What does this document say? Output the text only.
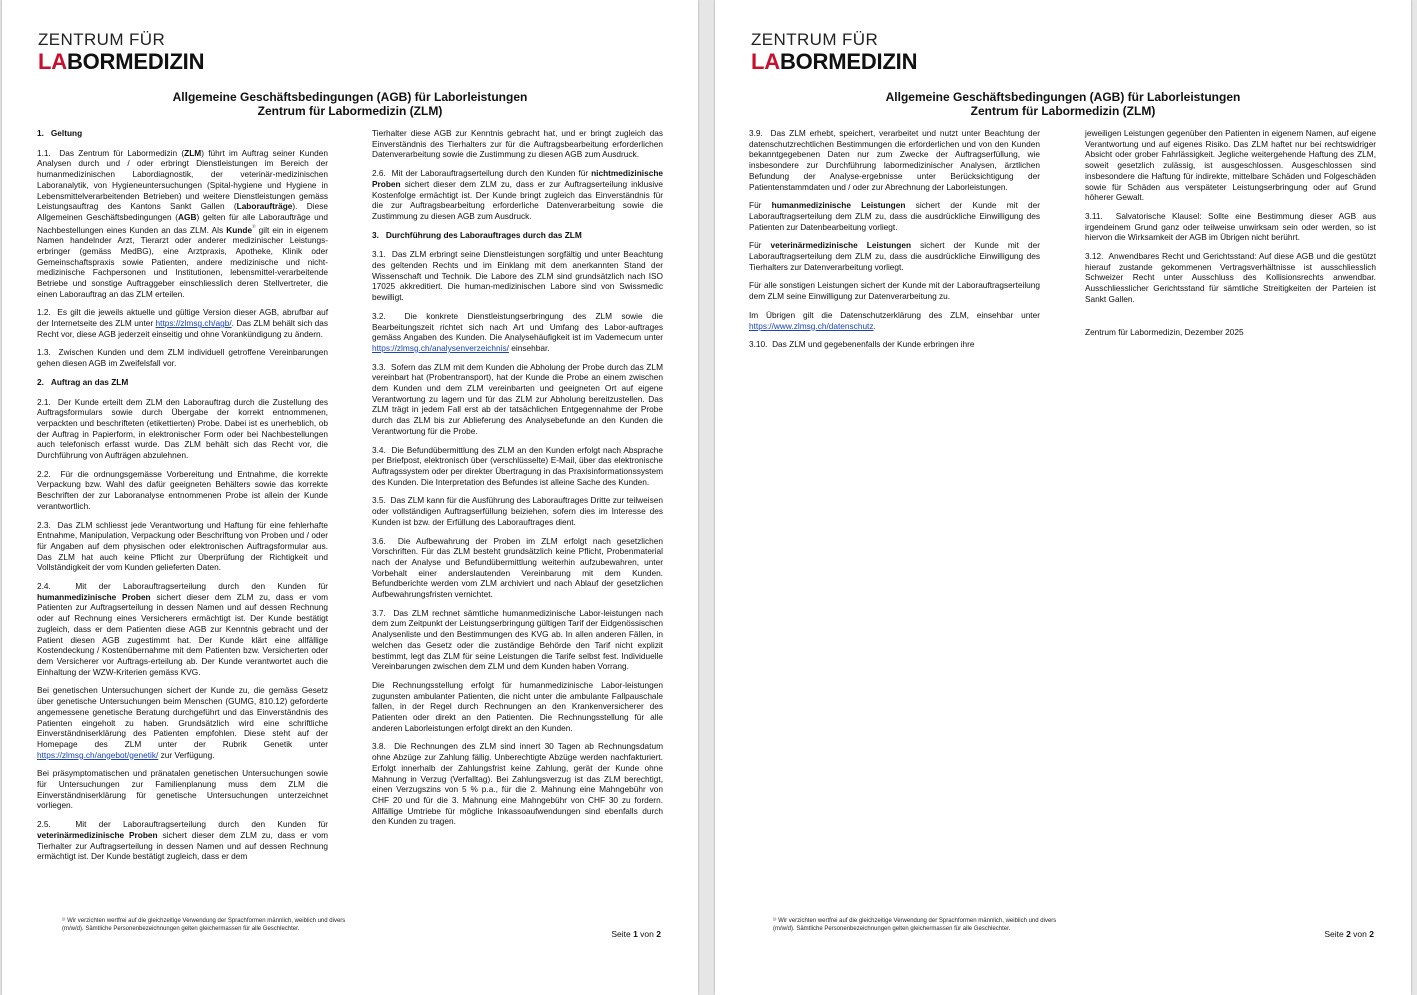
ZENTRUM FÜR
LABORMEDIZIN
Allgemeine Geschäftsbedingungen (AGB) für Laborleistungen
Zentrum für Labormedizin (ZLM)
1.   Geltung

1.1.  Das Zentrum für Labormedizin (ZLM) führt im Auftrag seiner Kunden Analysen durch und / oder erbringt Dienstleistungen im Bereich der humanmedizinischen Labordiagnostik, der veterinär-medizinischen Laboranalytik, von Hygieneuntersuchungen (Spital-hygiene und Hygiene in Lebensmittelverarbeitenden Betrieben) und weitere Dienstleistungen gemäss Leistungsauftrag des Kantons Sankt Gallen (Laboraufträge). Diese Allgemeinen Geschäftsbedingungen (AGB) gelten für alle Laboraufträge und Nachbestellungen eines Kunden an das ZLM. Als Kunde$^{^{1)}}$ gilt ein in eigenem Namen handelnder Arzt, Tierarzt oder anderer medizinischer Leistungs-erbringer (gemäss MedBG), eine Arztpraxis, Apotheke, Klinik oder Gemeinschaftspraxis sowie Patienten, andere medizinische und nicht-medizinische Fachpersonen und Institutionen, lebensmittel-verarbeitende Betriebe und sonstige Auftraggeber einschliesslich deren Stellvertreter, die einen Laborauftrag an das ZLM erteilen.

1.2.  Es gilt die jeweils aktuelle und gültige Version dieser AGB, abrufbar auf der Internetseite des ZLM unter https://zlmsg.ch/agb/. Das ZLM behält sich das Recht vor, diese AGB jederzeit einseitig und ohne Vorankündigung zu ändern.

1.3.  Zwischen Kunden und dem ZLM individuell getroffene Vereinbarungen gehen diesen AGB im Zweifelsfall vor.

2.   Auftrag an das ZLM

2.1.  Der Kunde erteilt dem ZLM den Laborauftrag durch die Zustellung des Auftragsformulars sowie durch Übergabe der korrekt entnommenen, verpackten und beschrifteten (etikettierten) Probe. Dabei ist es unerheblich, ob der Auftrag in Papierform, in elektronischer Form oder bei Nachbestellungen auch telefonisch erfasst wurde. Das ZLM behält sich das Recht vor, die Durchführung von Aufträgen abzulehnen.

2.2.  Für die ordnungsgemässe Vorbereitung und Entnahme, die korrekte Verpackung bzw. Wahl des dafür geeigneten Behälters sowie das korrekte Beschriften der zur Laboranalyse entnommenen Probe ist allein der Kunde verantwortlich.

2.3.  Das ZLM schliesst jede Verantwortung und Haftung für eine fehlerhafte Entnahme, Manipulation, Verpackung oder Beschriftung von Proben und / oder für Angaben auf dem physischen oder elektronischen Auftragsformular aus. Das ZLM hat auch keine Pflicht zur Überprüfung der Richtigkeit und Vollständigkeit der vom Kunden gelieferten Daten.

2.4.  Mit der Laborauftragserteilung durch den Kunden für humanmedizinische Proben sichert dieser dem ZLM zu, dass er vom Patienten zur Auftragserteilung in dessen Namen und auf dessen Rechnung oder auf Rechnung eines Versicherers ermächtigt ist. Der Kunde bestätigt zugleich, dass er dem Patienten diese AGB zur Kenntnis gebracht und der Patient diesen AGB zugestimmt hat. Der Kunde klärt eine allfällige Kostendeckung / Kostenübernahme mit dem Patienten bzw. Versicherten oder dem Versicherer vor Auftrags-erteilung ab. Der Kunde verantwortet auch die Einhaltung der WZW-Kriterien gemäss KVG.

Bei genetischen Untersuchungen sichert der Kunde zu, die gemäss Gesetz über genetische Untersuchungen beim Menschen (GUMG, 810.12) geforderte angemessene genetische Beratung durchgeführt und das Einverständnis des Patienten eingeholt zu haben. Grundsätzlich wird eine schriftliche Einverständniserklärung des Patienten empfohlen. Diese steht auf der Homepage des ZLM unter der Rubrik Genetik unter https://zlmsg.ch/angebot/genetik/ zur Verfügung.

Bei präsymptomatischen und pränatalen genetischen Untersuchungen sowie für Untersuchungen zur Familienplanung muss dem ZLM die Einverständniserklärung für genetische Untersuchungen unterzeichnet vorliegen.

2.5.  Mit der Laborauftragserteilung durch den Kunden für veterinärmedizinische Proben sichert dieser dem ZLM zu, dass er vom Tierhalter zur Auftragserteilung in dessen Namen und auf dessen Rechnung ermächtigt ist. Der Kunde bestätigt zugleich, dass er dem

Tierhalter diese AGB zur Kenntnis gebracht hat, und er bringt zugleich das Einverständnis des Tierhalters zur für die Auftragsbearbeitung erforderlichen Datenverarbeitung sowie die Zustimmung zu diesen AGB zum Ausdruck.

2.6.  Mit der Laborauftragserteilung durch den Kunden für nichtmedizinische Proben sichert dieser dem ZLM zu, dass er zur Auftragserteilung inklusive Kostenfolge ermächtigt ist. Der Kunde bringt zugleich das Einverständnis für die zur Auftragsbearbeitung erforderliche Datenverarbeitung sowie die Zustimmung zu diesen AGB zum Ausdruck.

3.   Durchführung des Laborauftrages durch das ZLM

3.1.  Das ZLM erbringt seine Dienstleistungen sorgfältig und unter Beachtung des geltenden Rechts und im Einklang mit dem anerkannten Stand der Wissenschaft und Technik. Die Labore des ZLM sind grundsätzlich nach ISO 17025 akkreditiert. Die human-medizinischen Labore sind von Swissmedic bewilligt.

3.2.  Die konkrete Dienstleistungserbringung des ZLM sowie die Bearbeitungszeit richtet sich nach Art und Umfang des Labor-auftrages gemäss Angaben des Kunden. Die Analysehäufigkeit ist im Vademecum unter https://zlmsg.ch/analysenverzeichnis/ einsehbar.

3.3.  Sofern das ZLM mit dem Kunden die Abholung der Probe durch das ZLM vereinbart hat (Probentransport), hat der Kunde die Probe an einem zwischen dem Kunden und dem ZLM vereinbarten und geeigneten Ort auf eigene Verantwortung zu lagern und für das ZLM zur Abholung bereitzustellen. Das ZLM trägt in jedem Fall erst ab der tatsächlichen Entgegennahme der Probe durch das ZLM bis zur Ablieferung des Analysebefunde an den Kunden die Verantwortung für die Probe.

3.4.  Die Befundübermittlung des ZLM an den Kunden erfolgt nach Absprache per Briefpost, elektronisch über (verschlüsselte) E-Mail, über das elektronische Auftragssystem oder per direkter Übertragung in das Praxisinformationssystem des Kunden. Die Interpretation des Befundes ist alleine Sache des Kunden.

3.5.  Das ZLM kann für die Ausführung des Laborauftrages Dritte zur teilweisen oder vollständigen Auftragserfüllung beiziehen, sofern dies im Interesse des Kunden ist bzw. der Erfüllung des Laborauftrages dient.

3.6.  Die Aufbewahrung der Proben im ZLM erfolgt nach gesetzlichen Vorschriften. Für das ZLM besteht grundsätzlich keine Pflicht, Probenmaterial nach der Analyse und Befundübermittlung weiterhin aufzubewahren, unter Vorbehalt einer anderslautenden Vereinbarung mit dem Kunden. Befundberichte werden vom ZLM archiviert und nach Ablauf der gesetzlichen Aufbewahrungsfristen vernichtet.

3.7.  Das ZLM rechnet sämtliche humanmedizinische Labor-leistungen nach dem zum Zeitpunkt der Leistungserbringung gültigen Tarif der Eidgenössischen Analysenliste und den Bestimmungen des KVG ab. In allen anderen Fällen, in welchen das Gesetz oder die zuständige Behörde den Tarif nicht explizit bestimmt, legt das ZLM für seine Leistungen die Tarife selbst fest. Individuelle Vereinbarungen zwischen dem ZLM und dem Kunden haben Vorrang.

Die Rechnungsstellung erfolgt für humanmedizinische Labor-leistungen zugunsten ambulanter Patienten, die nicht unter die ambulante Fallpauschale fallen, in der Regel durch Rechnungen an den Krankenversicherer des Patienten oder direkt an den Patienten. Die Rechnungsstellung für alle anderen Laborleistungen erfolgt direkt an den Kunden.

3.8.  Die Rechnungen des ZLM sind innert 30 Tagen ab Rechnungsdatum ohne Abzüge zur Zahlung fällig. Unberechtigte Abzüge werden nachfakturiert. Erfolgt innerhalb der Zahlungsfrist keine Zahlung, gerät der Kunde ohne Mahnung in Verzug (Verfalltag). Bei Zahlungsverzug ist das ZLM berechtigt, einen Verzugszins von 5 % p.a., für die 2. Mahnung eine Mahngebühr von CHF 20 und für die 3. Mahnung eine Mahngebühr von CHF 30 zu fordern. Allfällige Umtriebe für mögliche Inkassoaufwendungen sind ebenfalls durch den Kunden zu tragen.

¹⁾ Wir verzichten wertfrei auf die gleichzeitige Verwendung der Sprachformen männlich, weiblich und divers (m/w/d). Sämtliche Personenbezeichnungen gelten gleichermassen für alle Geschlechter.
Seite 1 von 2
ZENTRUM FÜR
LABORMEDIZIN
Allgemeine Geschäftsbedingungen (AGB) für Laborleistungen
Zentrum für Labormedizin (ZLM)

3.9.  Das ZLM erhebt, speichert, verarbeitet und nutzt unter Beachtung der datenschutzrechtlichen Bestimmungen die erforderlichen und von den Kunden bekanntgegebenen Daten nur zum Zwecke der Auftragserfüllung, wie insbesondere zur Durchführung labormedizinischer Analysen, ärztlichen Befundung der Analyse-ergebnisse unter Berücksichtigung der Patientenstammdaten und / oder zur Abrechnung der Laborleistungen.

Für humanmedizinische Leistungen sichert der Kunde mit der Laborauftragserteilung dem ZLM zu, dass die ausdrückliche Einwilligung des Patienten zur Datenbearbeitung vorliegt.

Für veterinärmedizinische Leistungen sichert der Kunde mit der Laborauftragserteilung dem ZLM zu, dass die ausdrückliche Einwilligung des Tierhalters zur Datenverarbeitung vorliegt.

Für alle sonstigen Leistungen sichert der Kunde mit der Laborauftragserteilung dem ZLM seine Einwilligung zur Datenverarbeitung zu.

Im Übrigen gilt die Datenschutzerklärung des ZLM, einsehbar unter https://www.zlmsg.ch/datenschutz.

3.10.  Das ZLM und gegebenenfalls der Kunde erbringen ihre

jeweiligen Leistungen gegenüber den Patienten in eigenem Namen, auf eigene Verantwortung und auf eigenes Risiko. Das ZLM haftet nur bei rechtswidriger Absicht oder grober Fahrlässigkeit. Jegliche weitergehende Haftung des ZLM, soweit gesetzlich zulässig, ist ausgeschlossen. Ausgeschlossen sind insbesondere die Haftung für indirekte, mittelbare Schäden und Folgeschäden sowie für Schäden aus verspäteter Leistungserbringung oder auf Grund höherer Gewalt.

3.11.  Salvatorische Klausel: Sollte eine Bestimmung dieser AGB aus irgendeinem Grund ganz oder teilweise unwirksam sein oder werden, so ist hiervon die Wirksamkeit der AGB im Übrigen nicht berührt.

3.12.  Anwendbares Recht und Gerichtsstand: Auf diese AGB und die gestützt hierauf zustande gekommenen Vertragsverhältnisse ist ausschliesslich Schweizer Recht unter Ausschluss des Kollisionsrechts anwendbar. Ausschliesslicher Gerichtsstand für sämtliche Streitigkeiten der Parteien ist Sankt Gallen.

Zentrum für Labormedizin, Dezember 2025

¹⁾ Wir verzichten wertfrei auf die gleichzeitige Verwendung der Sprachformen männlich, weiblich und divers (m/w/d). Sämtliche Personenbezeichnungen gelten gleichermassen für alle Geschlechter.
Seite 2 von 2
